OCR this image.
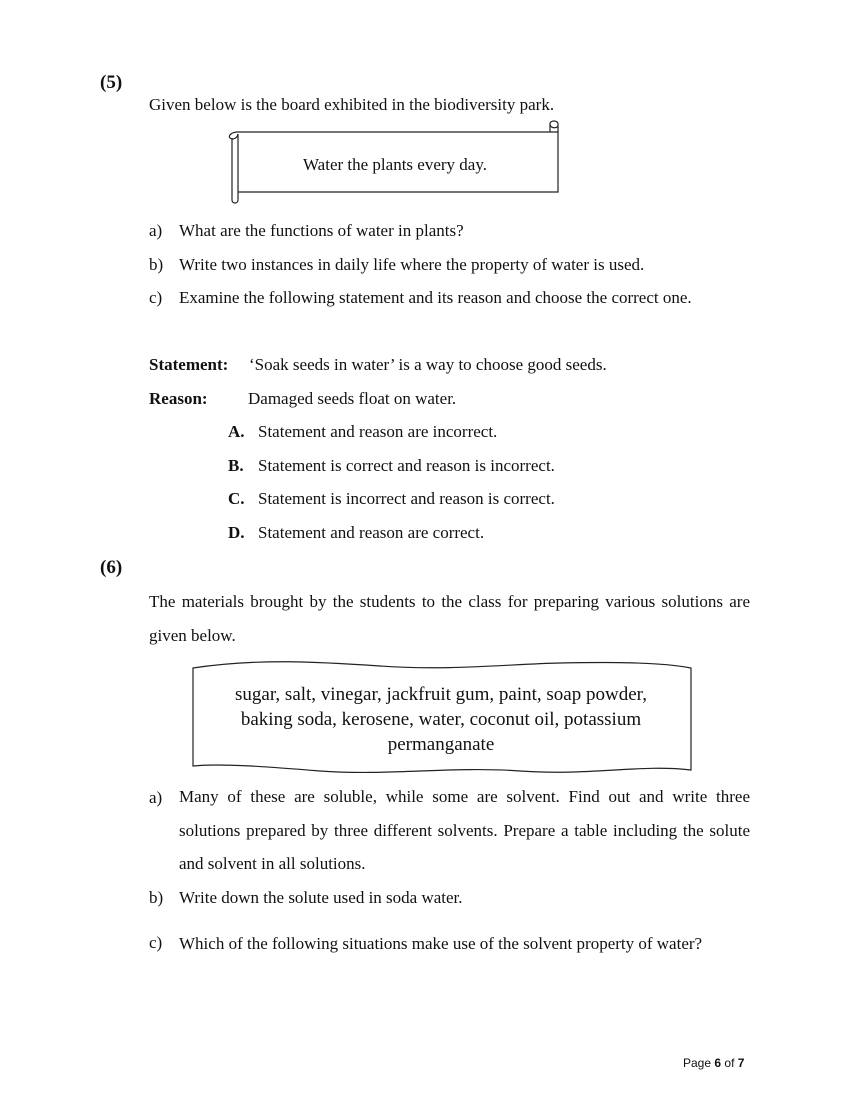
(5)
Given below is the board exhibited in the biodiversity park.
Water the plants every day.
a) What are the functions of water in plants?
b) Write two instances in daily life where the property of water is used.
c) Examine the following statement and its reason and choose the correct one.
Statement: ‘Soak seeds in water’ is a way to choose good seeds.
Reason: Damaged seeds float on water.
A. Statement and reason are incorrect.
B. Statement is correct and reason is incorrect.
C. Statement is incorrect and reason is correct.
D. Statement and reason are correct.
(6)
The materials brought by the students to the class for preparing various solutions are given below.
sugar, salt, vinegar, jackfruit gum, paint, soap powder, baking soda, kerosene, water, coconut oil, potassium permanganate
a) Many of these are soluble, while some are solvent. Find out and write three solutions prepared by three different solvents. Prepare a table including the solute and solvent in all solutions.
b) Write down the solute used in soda water.
c) Which of the following situations make use of the solvent property of water?
Page 6 of 7
